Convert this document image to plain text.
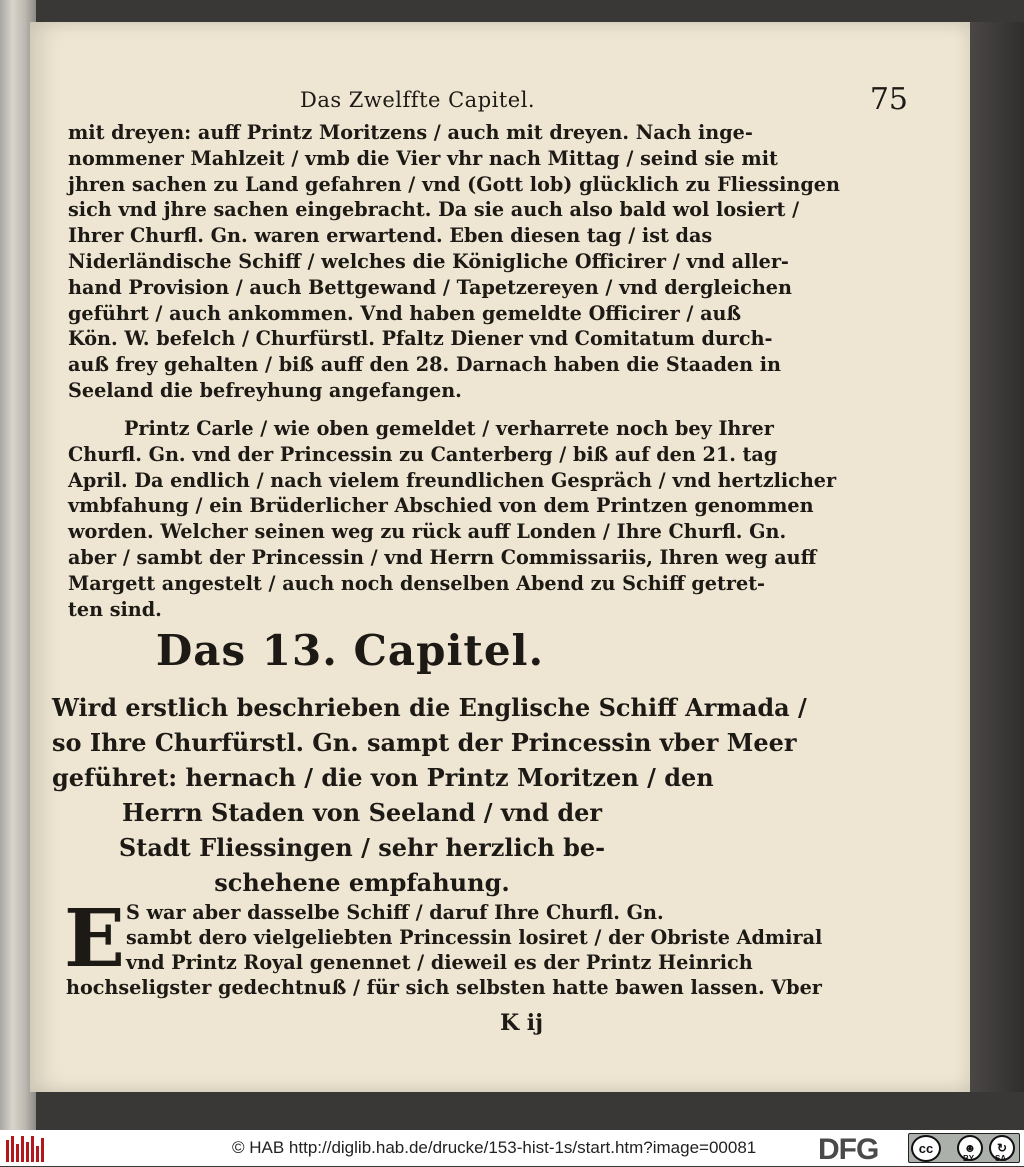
Das Zwelffte Capitel.	75
mit dreyen: auff Printz Moritzens / auch mit dreyen. Nach inge-
nommener Mahlzeit / vmb die Vier vhr nach Mittag / seind sie mit
jhren sachen zu Land gefahren / vnd (Gott lob) glücklich zu Fliessingen
sich vnd jhre sachen eingebracht. Da sie auch also bald wol losiert /
Ihrer Churfl. Gn. waren erwartend. Eben diesen tag / ist das
Niderländische Schiff / welches die Königliche Officirer / vnd aller-
hand Provision / auch Bettgewand / Tapetzereyen / vnd dergleichen
geführt / auch ankommen. Vnd haben gemeldte Officirer / auß
Kön. W. befelch / Churfürstl. Pfaltz Diener vnd Comitatum durch-
auß frey gehalten / biß auff den 28. Darnach haben die Staaden in
Seeland die befreyhung angefangen.
Printz Carle / wie oben gemeldet / verharrete noch bey Ihrer
Churfl. Gn. vnd der Princessin zu Canterberg / biß auf den 21. tag
April. Da endlich / nach vielem freundlichen Gespräch / vnd hertzlicher
vmbfahung / ein Brüderlicher Abschied von dem Printzen genommen
worden. Welcher seinen weg zu rück auff Londen / Ihre Churfl. Gn.
aber / sambt der Princessin / vnd Herrn Commissariis, Ihren weg auff
Margett angestelt / auch noch denselben Abend zu Schiff getret-
ten sind.
Das 13. Capitel.
Wird erstlich beschrieben die Englische Schiff Armada /
so Ihre Churfürstl. Gn. sampt der Princessin vber Meer
geführet: hernach / die von Printz Moritzen / den
Herrn Staden von Seeland / vnd der
Stadt Fliessingen / sehr herzlich be-
schehene empfahung.
E S war aber dasselbe Schiff / daruf Ihre Churfl. Gn.
sambt dero vielgeliebten Princessin losiret / der Obriste Admiral
vnd Printz Royal genennet / dieweil es der Printz Heinrich
hochseligster gedechtnuß / für sich selbsten hatte bawen lassen. Vber
K ij
© HAB http://diglib.hab.de/drucke/153-hist-1s/start.htm?image=00081 DFG	cc	☻	↻
BY	SA
